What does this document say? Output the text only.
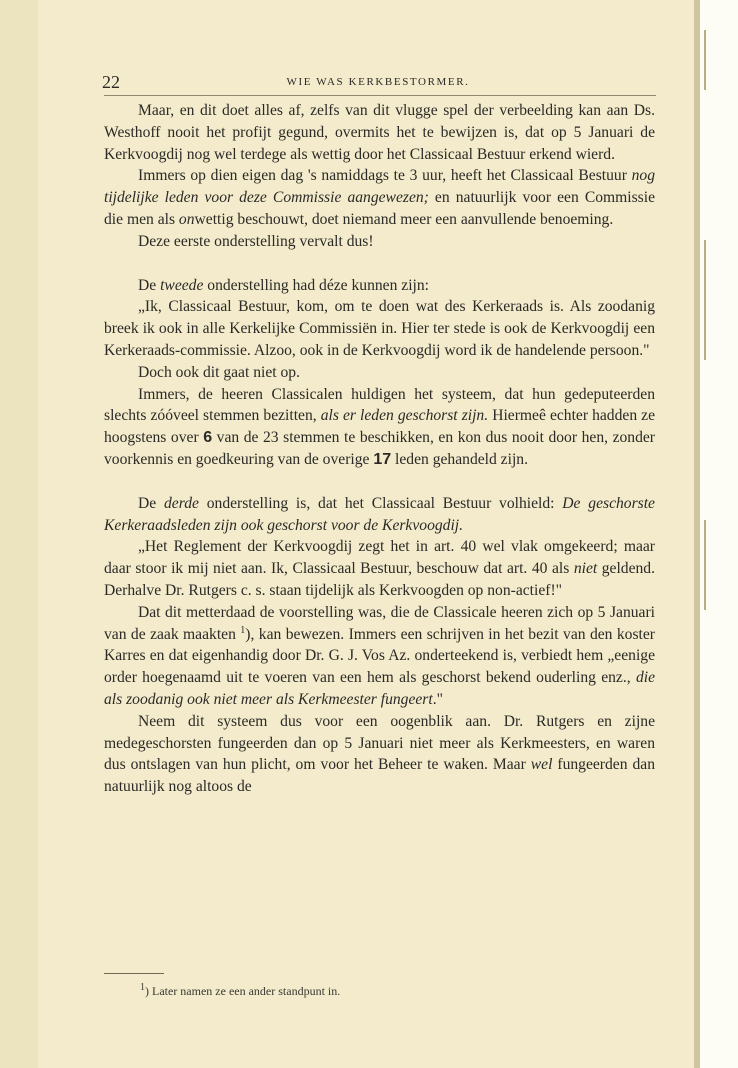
22	WIE WAS KERKBESTORMER.

Maar, en dit doet alles af, zelfs van dit vlugge spel der verbeelding kan aan Ds. Westhoff nooit het profijt gegund, overmits het te bewijzen is, dat op 5 Januari de Kerkvoogdij nog wel terdege als wettig door het Classicaal Bestuur erkend wierd.

Immers op dien eigen dag 's namiddags te 3 uur, heeft het Classicaal Bestuur nog tijdelijke leden voor deze Commissie aangewezen; en natuurlijk voor een Commissie die men als onwettig beschouwt, doet niemand meer een aanvullende benoeming.

Deze eerste onderstelling vervalt dus!

De tweede onderstelling had déze kunnen zijn:

„Ik, Classicaal Bestuur, kom, om te doen wat des Kerkeraads is. Als zoodanig breek ik ook in alle Kerkelijke Commissiën in. Hier ter stede is ook de Kerkvoogdij een Kerkeraads-commissie. Alzoo, ook in de Kerkvoogdij word ik de handelende persoon."

Doch ook dit gaat niet op.

Immers, de heeren Classicalen huldigen het systeem, dat hun gedeputeerden slechts zóóveel stemmen bezitten, als er leden geschorst zijn. Hiermeê echter hadden ze hoogstens over 6 van de 23 stemmen te beschikken, en kon dus nooit door hen, zonder voorkennis en goedkeuring van de overige 17 leden gehandeld zijn.

De derde onderstelling is, dat het Classicaal Bestuur volhield: De geschorste Kerkeraadsleden zijn ook geschorst voor de Kerkvoogdij.

„Het Reglement der Kerkvoogdij zegt het in art. 40 wel vlak omgekeerd; maar daar stoor ik mij niet aan. Ik, Classicaal Bestuur, beschouw dat art. 40 als niet geldend. Derhalve Dr. Rutgers c. s. staan tijdelijk als Kerkvoogden op non-actief!"

Dat dit metterdaad de voorstelling was, die de Classicale heeren zich op 5 Januari van de zaak maakten $^1$), kan bewezen. Immers een schrijven in het bezit van den koster Karres en dat eigenhandig door Dr. G. J. Vos Az. onderteekend is, verbiedt hem „eenige order hoegenaamd uit te voeren van een hem als geschorst bekend ouderling enz., die als zoodanig ook niet meer als Kerkmeester fungeert."

Neem dit systeem dus voor een oogenblik aan. Dr. Rutgers en zijne medegeschorsten fungeerden dan op 5 Januari niet meer als Kerkmeesters, en waren dus ontslagen van hun plicht, om voor het Beheer te waken. Maar wel fungeerden dan natuurlijk nog altoos de

$^1$) Later namen ze een ander standpunt in.
